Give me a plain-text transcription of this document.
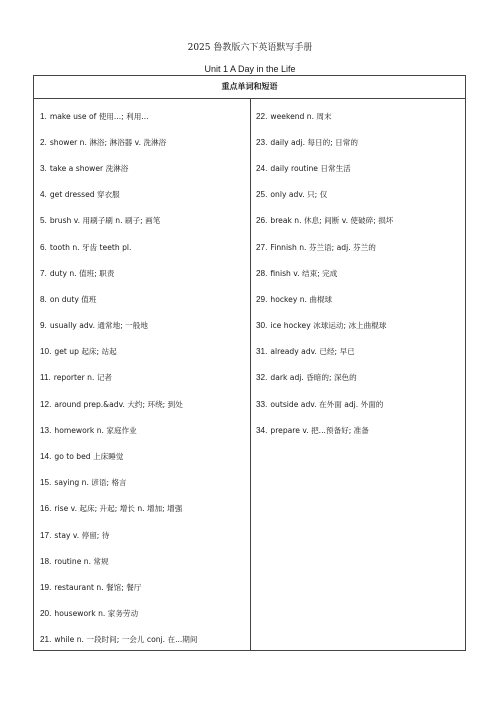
2025 鲁教版六下英语默写手册
Unit 1 A Day in the Life
重点单词和短语
1. make use of 使用...; 利用...
2. shower n. 淋浴; 淋浴器 v. 洗淋浴
3. take a shower 洗淋浴
4. get dressed 穿衣服
5. brush v. 用刷子刷 n. 刷子; 画笔
6. tooth n. 牙齿 teeth pl.
7. duty n. 值班; 职责
8. on duty 值班
9. usually adv. 通常地; 一般地
10. get up 起床; 站起
11. reporter n. 记者
12. around prep.&adv. 大约; 环绕; 到处
13. homework n. 家庭作业
14. go to bed 上床睡觉
15. saying n. 谚语; 格言
16. rise v. 起床; 升起; 增长 n. 增加; 增强
17. stay v. 停留; 待
18. routine n. 常规
19. restaurant n. 餐馆; 餐厅
20. housework n. 家务劳动
21. while n. 一段时间; 一会儿 conj. 在...期间
22. weekend n. 周末
23. daily adj. 每日的; 日常的
24. daily routine 日常生活
25. only adv. 只; 仅
26. break n. 休息; 间断 v. 使破碎; 损坏
27. Finnish n. 芬兰语; adj. 芬兰的
28. finish v. 结束; 完成
29. hockey n. 曲棍球
30. ice hockey 冰球运动; 冰上曲棍球
31. already adv. 已经; 早已
32. dark adj. 昏暗的; 深色的
33. outside adv. 在外面 adj. 外面的
34. prepare v. 把...预备好; 准备
